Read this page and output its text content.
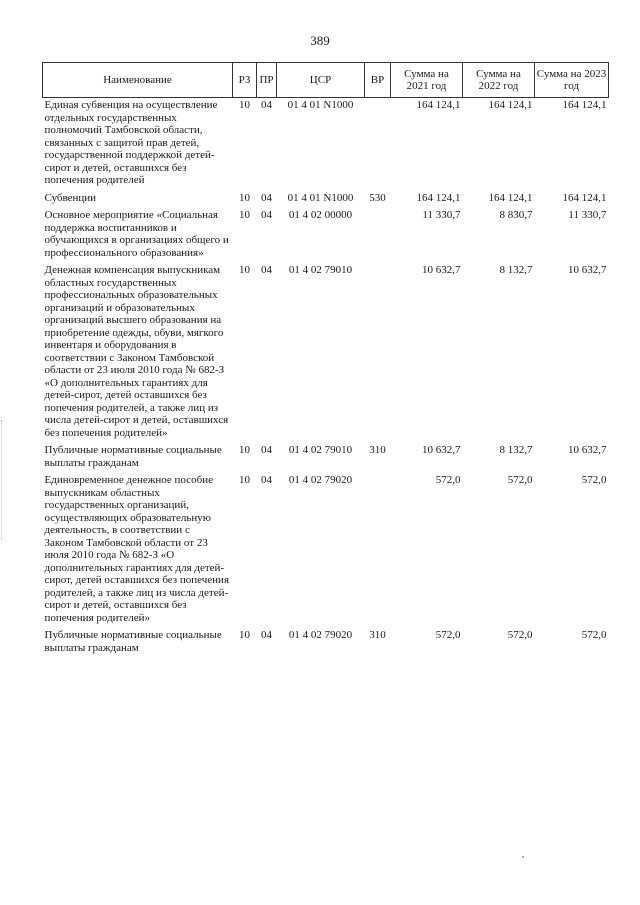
389
Наименование	РЗ	ПР	ЦСР	ВР	Сумма на 2021 год	Сумма на 2022 год	Сумма на 2023 год
Единая субвенция на осуществление отдельных государственных полномочий Тамбовской области, связанных с защитой прав детей, государственной поддержкой детей-сирот и детей, оставшихся без попечения родителей	10	04	01 4 01 N1000		164 124,1	164 124,1	164 124,1
Субвенции	10	04	01 4 01 N1000	530	164 124,1	164 124,1	164 124,1
Основное мероприятие «Социальная поддержка воспитанников и обучающихся в организациях общего и профессионального образования»	10	04	01 4 02 00000		11 330,7	8 830,7	11 330,7
Денежная компенсация выпускникам областных государственных профессиональных образовательных организаций и образовательных организаций высшего образования на приобретение одежды, обуви, мягкого инвентаря и оборудования в соответствии с Законом Тамбовской области от 23 июля 2010 года № 682-З «О дополнительных гарантиях для детей-сирот, детей оставшихся без попечения родителей, а также лиц из числа детей-сирот и детей, оставшихся без попечения родителей»	10	04	01 4 02 79010		10 632,7	8 132,7	10 632,7
Публичные нормативные социальные выплаты гражданам	10	04	01 4 02 79010	310	10 632,7	8 132,7	10 632,7
Единовременное денежное пособие выпускникам областных государственных организаций, осуществляющих образовательную деятельность, в соответствии с Законом Тамбовской области от 23 июля 2010 года № 682-З «О дополнительных гарантиях для детей-сирот, детей оставшихся без попечения родителей, а также лиц из числа детей-сирот и детей, оставшихся без попечения родителей»	10	04	01 4 02 79020		572,0	572,0	572,0
Публичные нормативные социальные выплаты гражданам	10	04	01 4 02 79020	310	572,0	572,0	572,0
